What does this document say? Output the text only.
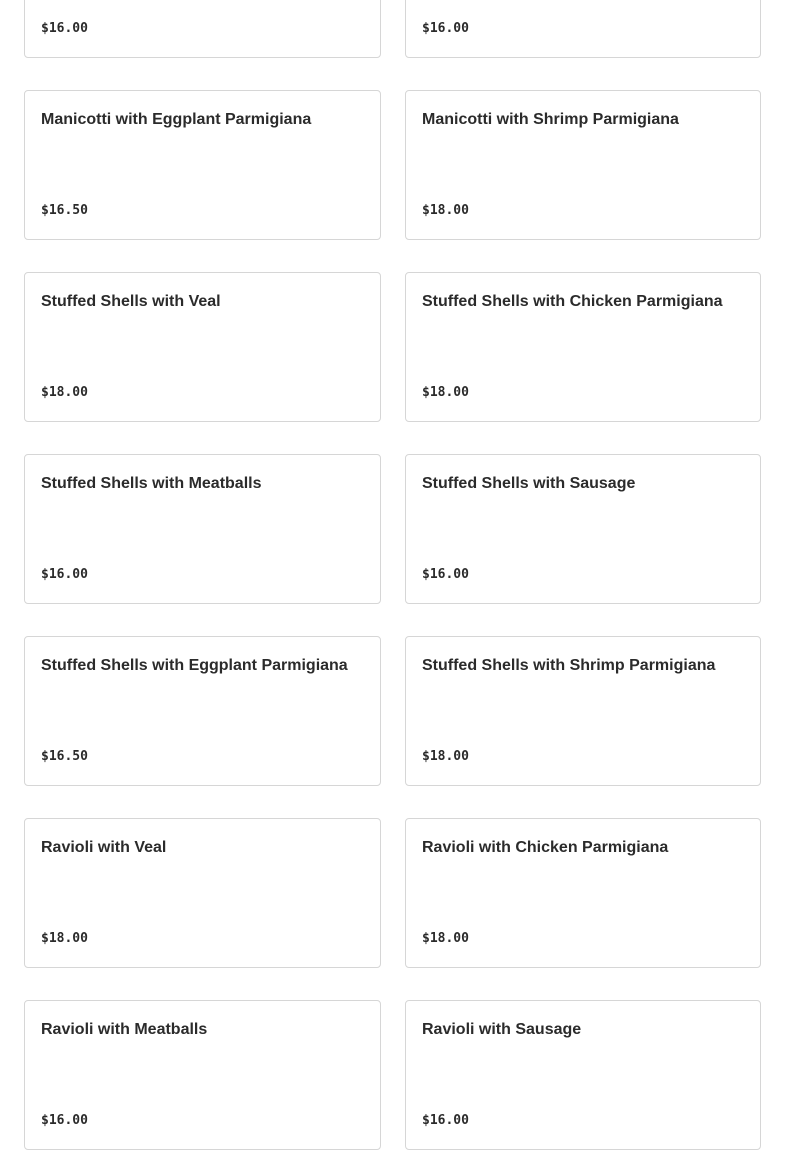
$16.00	$16.00
Manicotti with Eggplant Parmigiana
$16.50
Manicotti with Shrimp Parmigiana
$18.00
Stuffed Shells with Veal
$18.00
Stuffed Shells with Chicken Parmigiana
$18.00
Stuffed Shells with Meatballs
$16.00
Stuffed Shells with Sausage
$16.00
Stuffed Shells with Eggplant Parmigiana
$16.50
Stuffed Shells with Shrimp Parmigiana
$18.00
Ravioli with Veal
$18.00
Ravioli with Chicken Parmigiana
$18.00
Ravioli with Meatballs
$16.00
Ravioli with Sausage
$16.00
